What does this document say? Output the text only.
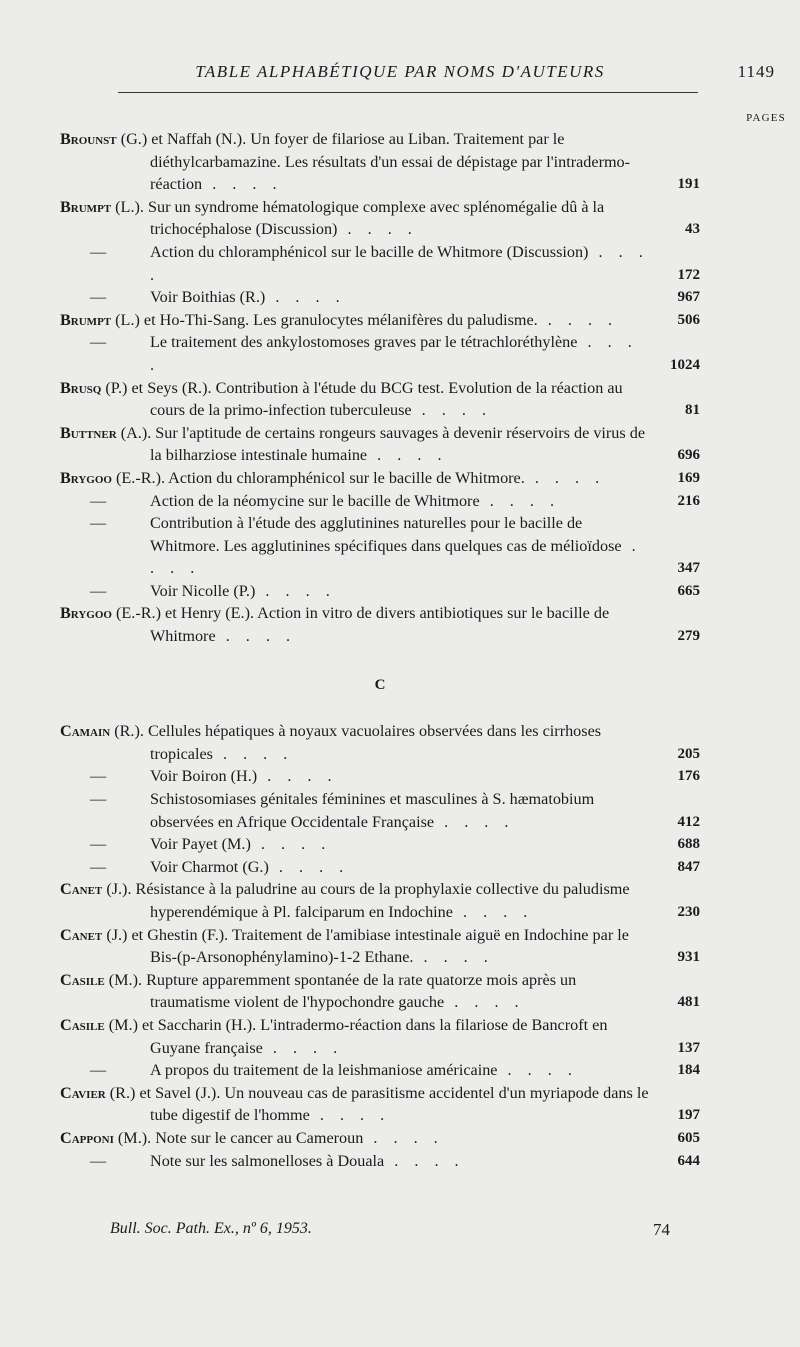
TABLE ALPHABÉTIQUE PAR NOMS D'AUTEURS	1149
PAGES
Brounst (G.) et Naffah (N.). Un foyer de filariose au Liban. Traitement par le diéthylcarbamazine. Les résultats d'un essai de dépistage par l'intradermo-réaction . . . .	191
Brumpt (L.). Sur un syndrome hématologique complexe avec splénomégalie dû à la trichocéphalose (Discussion) . . . .	43
—	Action du chloramphénicol sur le bacille de Whitmore (Discussion) . . . .	172
—	Voir Boithias (R.) . . . .	967
Brumpt (L.) et Ho-Thi-Sang. Les granulocytes mélanifères du paludisme. . . . .	506
—	Le traitement des ankylostomoses graves par le tétrachloréthylène . . . .	1024
Brusq (P.) et Seys (R.). Contribution à l'étude du BCG test. Evolution de la réaction au cours de la primo-infection tuberculeuse . . . .	81
Buttner (A.). Sur l'aptitude de certains rongeurs sauvages à devenir réservoirs de virus de la bilharziose intestinale humaine . . . .	696
Brygoo (E.-R.). Action du chloramphénicol sur le bacille de Whitmore. . . . .	169
—	Action de la néomycine sur le bacille de Whitmore . . . .	216
—	Contribution à l'étude des agglutinines naturelles pour le bacille de Whitmore. Les agglutinines spécifiques dans quelques cas de mélioïdose . . . .	347
—	Voir Nicolle (P.) . . . .	665
Brygoo (E.-R.) et Henry (E.). Action in vitro de divers antibiotiques sur le bacille de Whitmore . . . .	279
C
Camain (R.). Cellules hépatiques à noyaux vacuolaires observées dans les cirrhoses tropicales . . . .	205
—	Voir Boiron (H.) . . . .	176
—	Schistosomiases génitales féminines et masculines à S. hæmatobium observées en Afrique Occidentale Française . . . .	412
—	Voir Payet (M.) . . . .	688
—	Voir Charmot (G.) . . . .	847
Canet (J.). Résistance à la paludrine au cours de la prophylaxie collective du paludisme hyperendémique à Pl. falciparum en Indochine . . . .	230
Canet (J.) et Ghestin (F.). Traitement de l'amibiase intestinale aiguë en Indochine par le Bis-(p-Arsonophénylamino)-1-2 Ethane. . . . .	931
Casile (M.). Rupture apparemment spontanée de la rate quatorze mois après un traumatisme violent de l'hypochondre gauche . . . .	481
Casile (M.) et Saccharin (H.). L'intradermo-réaction dans la filariose de Bancroft en Guyane française . . . .	137
—	A propos du traitement de la leishmaniose américaine . . . .	184
Cavier (R.) et Savel (J.). Un nouveau cas de parasitisme accidentel d'un myriapode dans le tube digestif de l'homme . . . .	197
Capponi (M.). Note sur le cancer au Cameroun . . . .	605
—	Note sur les salmonelloses à Douala . . . .	644
Bull. Soc. Path. Ex., nº 6, 1953.	74
